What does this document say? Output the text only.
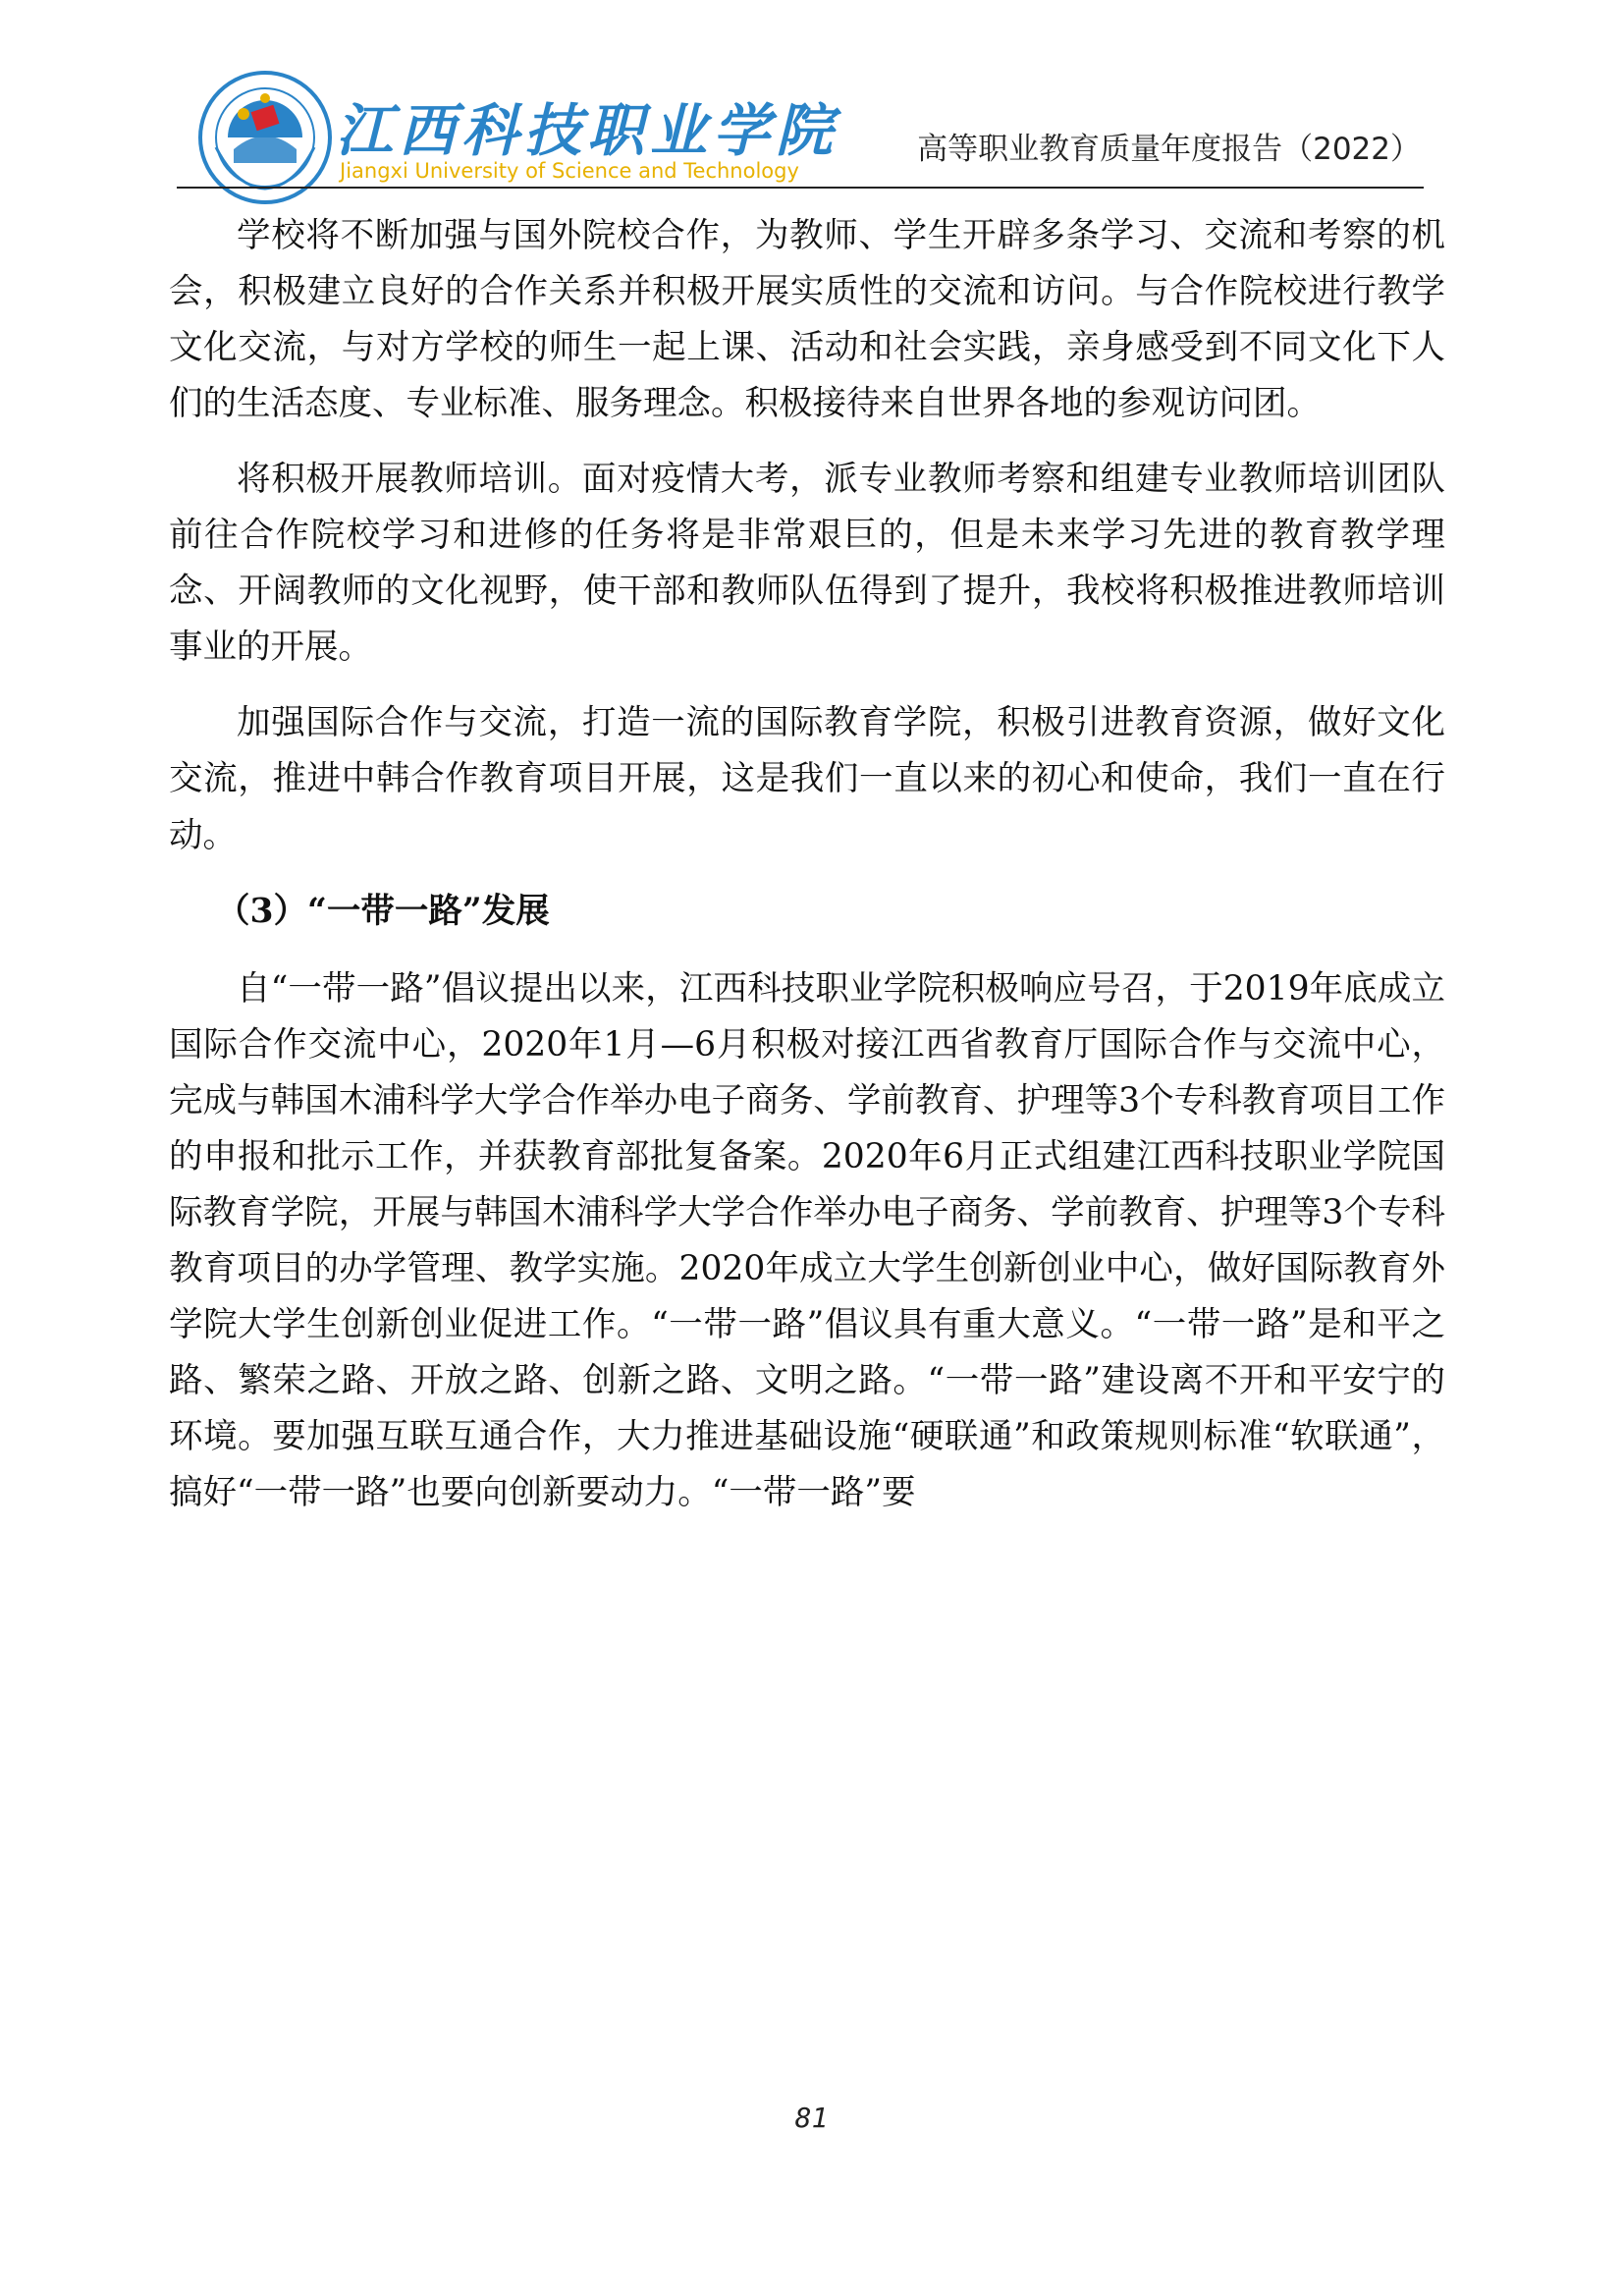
江西科技职业学院
Jiangxi University of Science and Technology
高等职业教育质量年度报告（2022）

学校将不断加强与国外院校合作，为教师、学生开辟多条学习、交流和考察的机会，积极建立良好的合作关系并积极开展实质性的交流和访问。与合作院校进行教学文化交流，与对方学校的师生一起上课、活动和社会实践，亲身感受到不同文化下人们的生活态度、专业标准、服务理念。积极接待来自世界各地的参观访问团。

将积极开展教师培训。面对疫情大考，派专业教师考察和组建专业教师培训团队前往合作院校学习和进修的任务将是非常艰巨的，但是未来学习先进的教育教学理念、开阔教师的文化视野，使干部和教师队伍得到了提升，我校将积极推进教师培训事业的开展。

加强国际合作与交流，打造一流的国际教育学院，积极引进教育资源，做好文化交流，推进中韩合作教育项目开展，这是我们一直以来的初心和使命，我们一直在行动。

（3）“一带一路”发展

自“一带一路”倡议提出以来，江西科技职业学院积极响应号召，于2019年底成立国际合作交流中心，2020年1月—6月积极对接江西省教育厅国际合作与交流中心，完成与韩国木浦科学大学合作举办电子商务、学前教育、护理等3个专科教育项目工作的申报和批示工作，并获教育部批复备案。2020年6月正式组建江西科技职业学院国际教育学院，开展与韩国木浦科学大学合作举办电子商务、学前教育、护理等3个专科教育项目的办学管理、教学实施。2020年成立大学生创新创业中心，做好国际教育外学院大学生创新创业促进工作。“一带一路”倡议具有重大意义。“一带一路”是和平之路、繁荣之路、开放之路、创新之路、文明之路。“一带一路”建设离不开和平安宁的环境。要加强互联互通合作，大力推进基础设施“硬联通”和政策规则标准“软联通”，搞好“一带一路”也要向创新要动力。“一带一路”要

81
